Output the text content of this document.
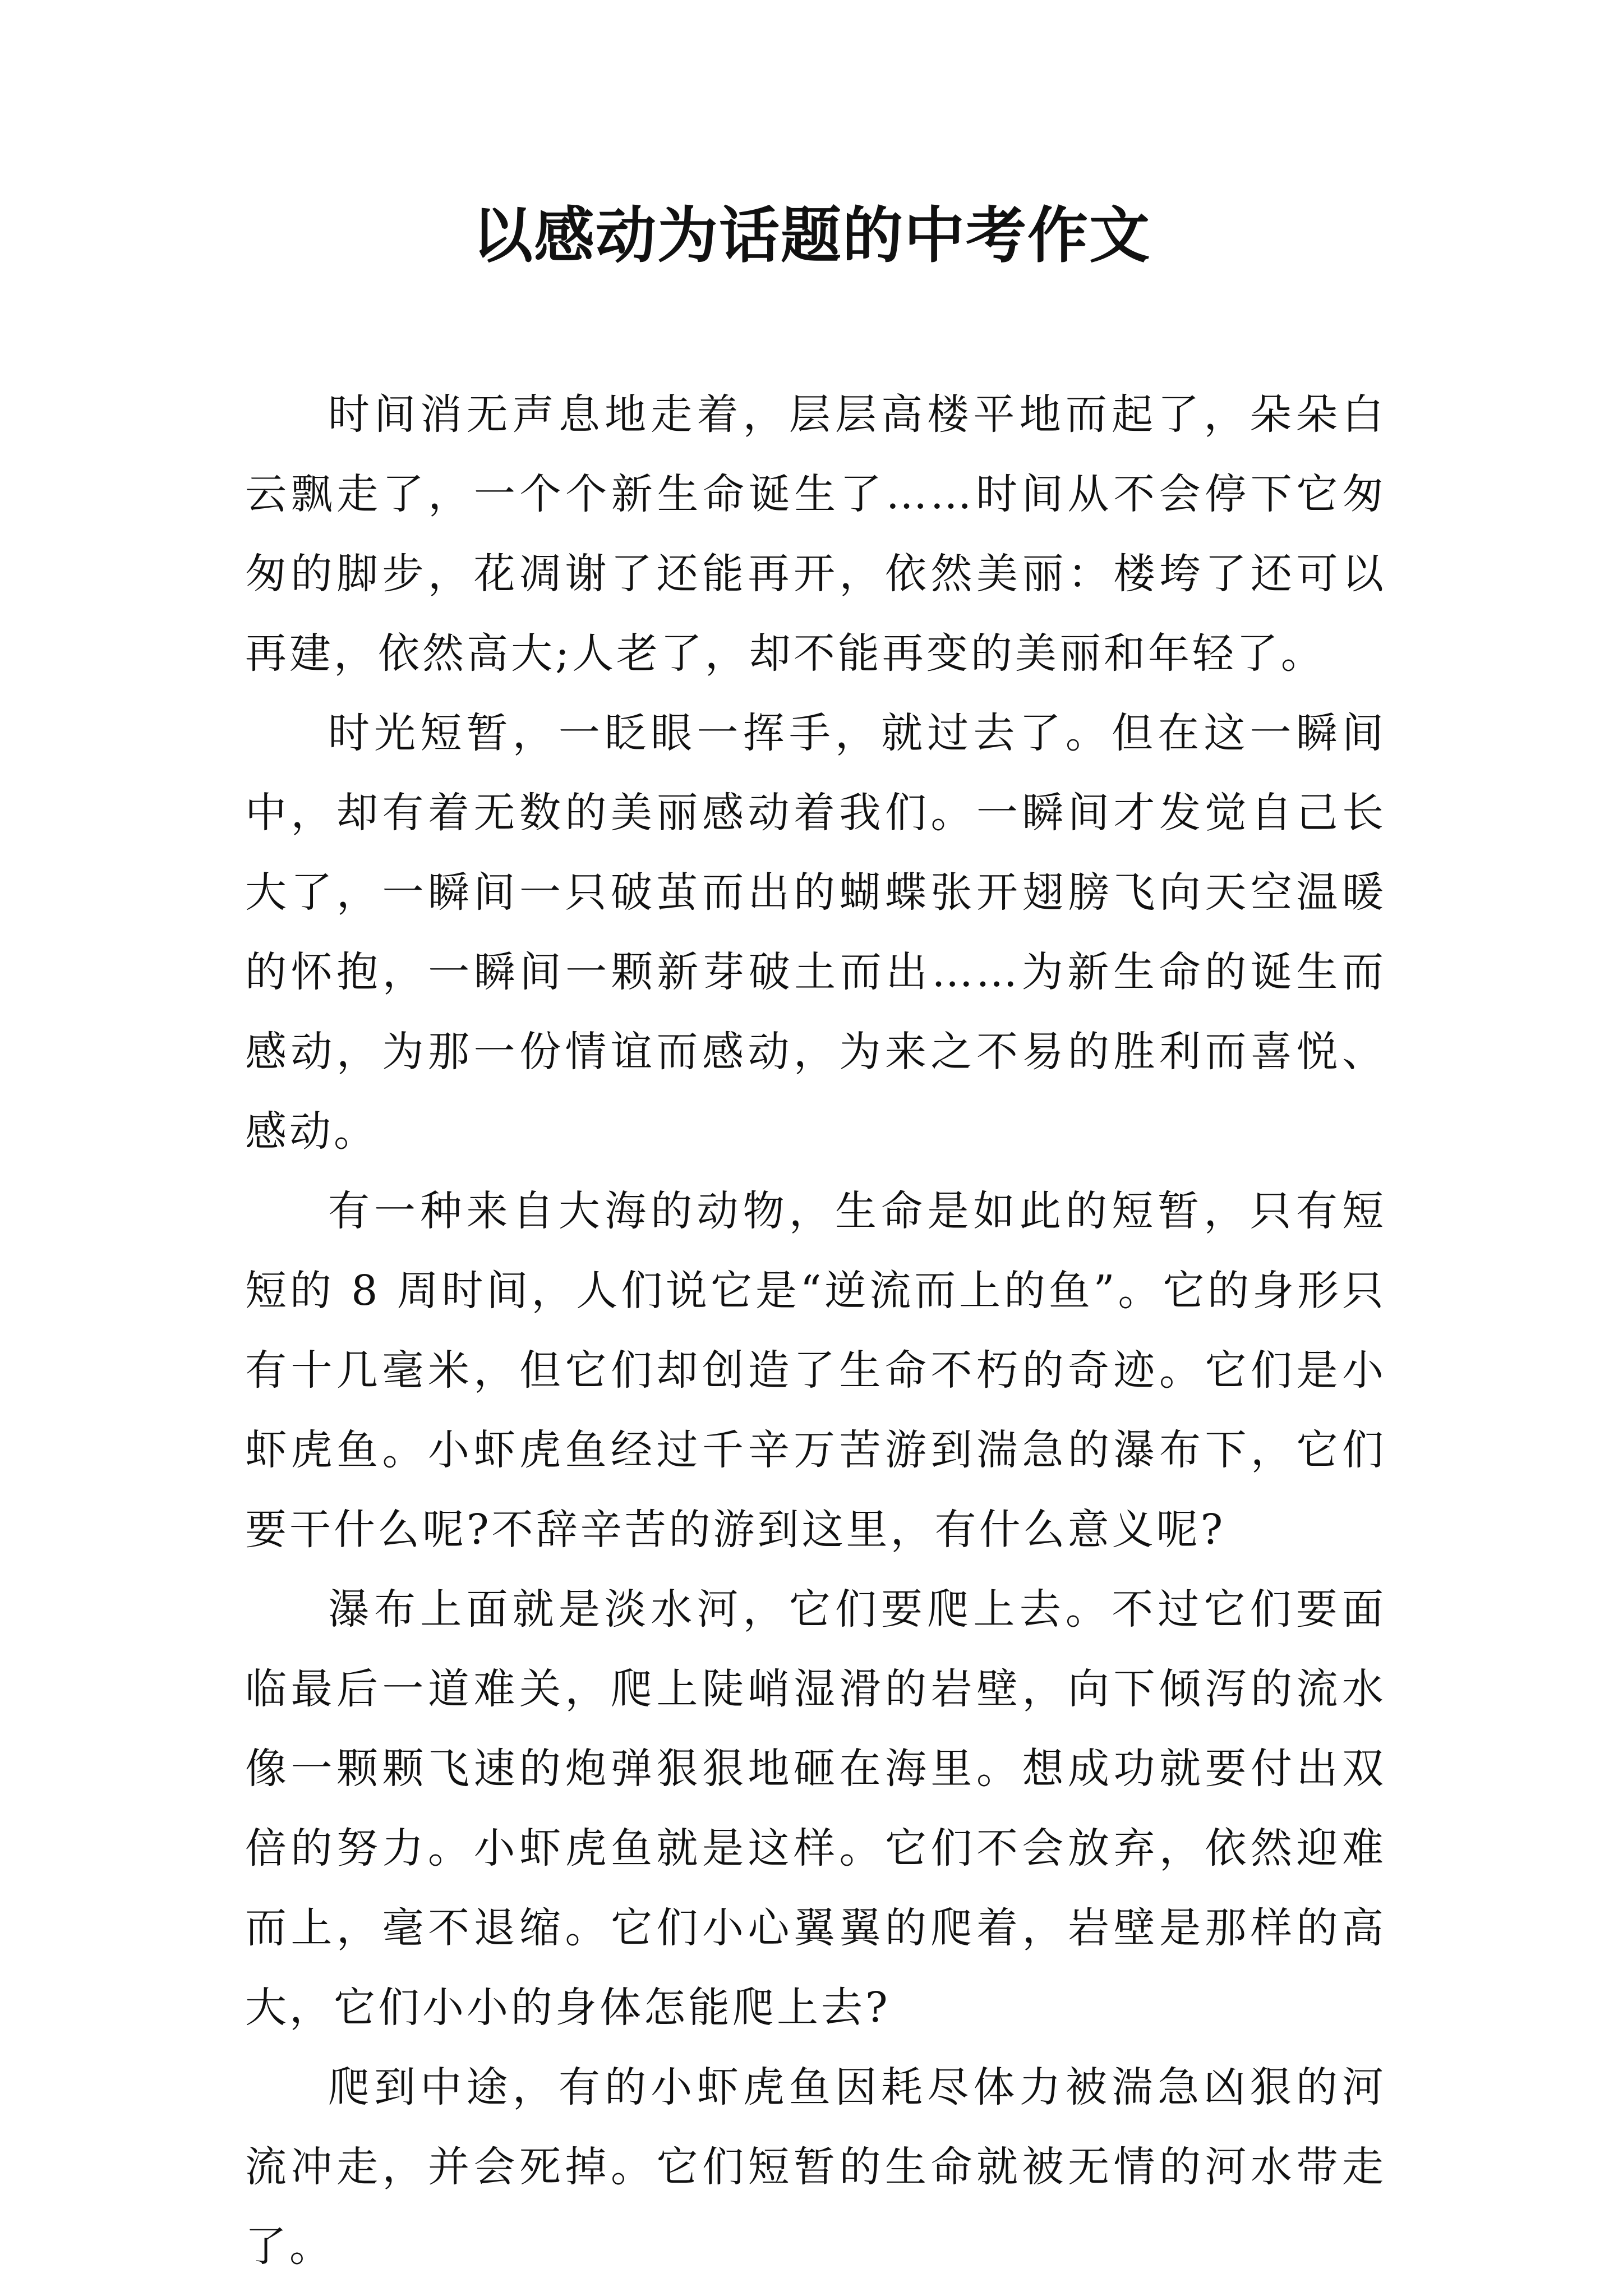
以感动为话题的中考作文

时间消无声息地走着，层层高楼平地而起了，朵朵白云飘走了，一个个新生命诞生了……时间从不会停下它匆匆的脚步，花凋谢了还能再开，依然美丽：楼垮了还可以再建，依然高大;人老了，却不能再变的美丽和年轻了。

时光短暂，一眨眼一挥手，就过去了。但在这一瞬间中，却有着无数的美丽感动着我们。一瞬间才发觉自己长大了，一瞬间一只破茧而出的蝴蝶张开翅膀飞向天空温暖的怀抱，一瞬间一颗新芽破土而出……为新生命的诞生而感动，为那一份情谊而感动，为来之不易的胜利而喜悦、感动。

有一种来自大海的动物，生命是如此的短暂，只有短短的 8 周时间，人们说它是“逆流而上的鱼”。它的身形只有十几毫米，但它们却创造了生命不朽的奇迹。它们是小虾虎鱼。小虾虎鱼经过千辛万苦游到湍急的瀑布下，它们要干什么呢?不辞辛苦的游到这里，有什么意义呢?

瀑布上面就是淡水河，它们要爬上去。不过它们要面临最后一道难关，爬上陡峭湿滑的岩壁，向下倾泻的流水像一颗颗飞速的炮弹狠狠地砸在海里。想成功就要付出双倍的努力。小虾虎鱼就是这样。它们不会放弃，依然迎难而上，毫不退缩。它们小心翼翼的爬着，岩壁是那样的高大，它们小小的身体怎能爬上去?

爬到中途，有的小虾虎鱼因耗尽体力被湍急凶狠的河流冲走，并会死掉。它们短暂的生命就被无情的河水带走了。
